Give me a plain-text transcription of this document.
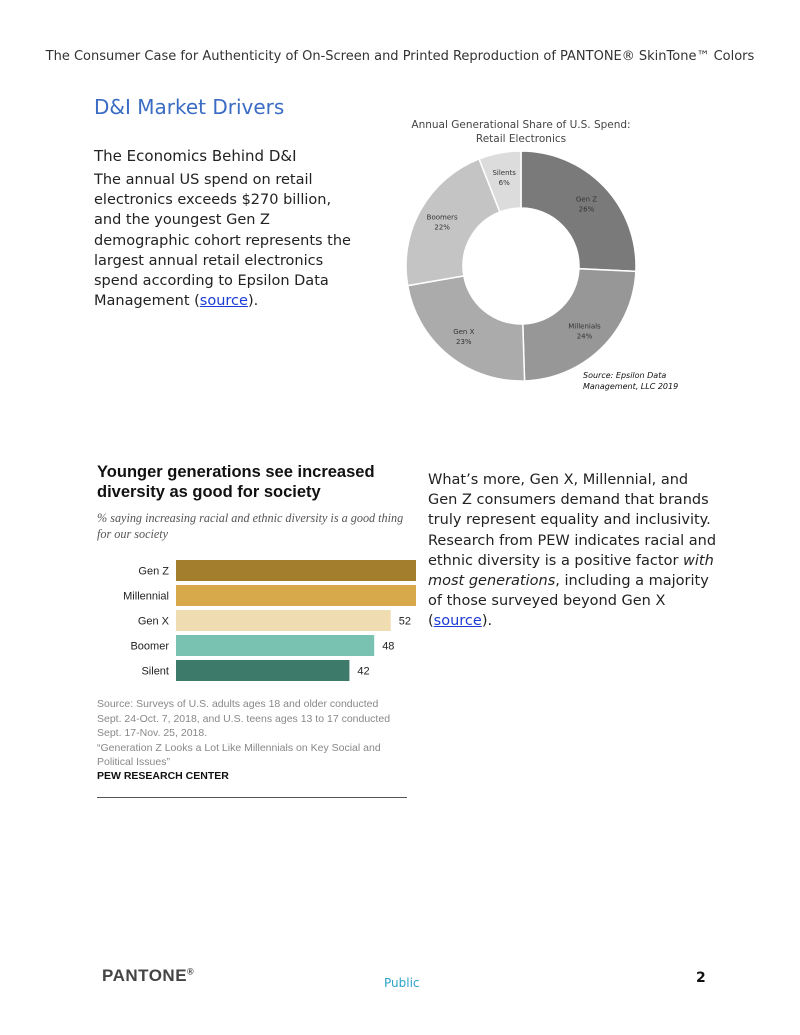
The Consumer Case for Authenticity of On-Screen and Printed Reproduction of PANTONE® SkinTone™ Colors
D&I Market Drivers
The Economics Behind D&I
The annual US spend on retail electronics exceeds $270 billion, and the youngest Gen Z demographic cohort represents the largest annual retail electronics spend according to Epsilon Data Management (source).
Annual Generational Share of U.S. Spend:
Retail Electronics
Gen Z
26%
Millenials
24%
Gen X
23%
Boomers
22%
Silents
6%
Source: Epsilon Data
Management, LLC 2019
Younger generations see increased diversity as good for society
% saying increasing racial and ethnic diversity is a good thing for our society
Gen Z
Millennial
Gen X	52
Boomer	48
Silent	42
Source: Surveys of U.S. adults ages 18 and older conducted Sept. 24-Oct. 7, 2018, and U.S. teens ages 13 to 17 conducted Sept. 17-Nov. 25, 2018.
“Generation Z Looks a Lot Like Millennials on Key Social and Political Issues”
PEW RESEARCH CENTER
What’s more, Gen X, Millennial, and Gen Z consumers demand that brands truly represent equality and inclusivity. Research from PEW indicates racial and ethnic diversity is a positive factor with most generations, including a majority of those surveyed beyond Gen X (source).
PANTONE®
Public	2
